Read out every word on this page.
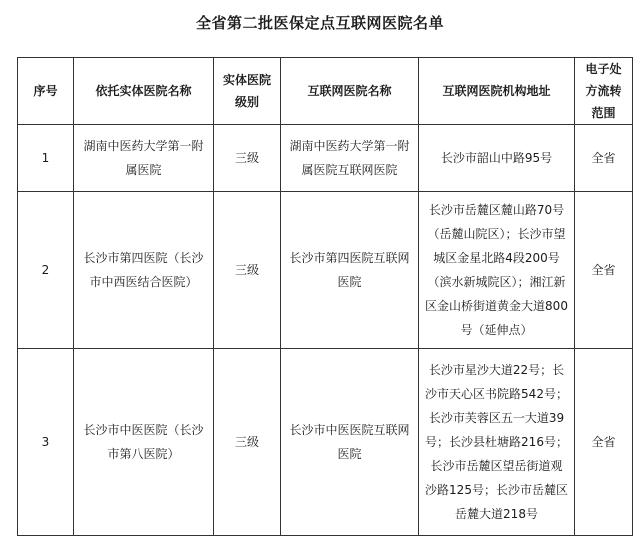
全省第二批医保定点互联网医院名单
序号	依托实体医院名称	实体医院级别	互联网医院名称	互联网医院机构地址	电子处方流转范围
1	湖南中医药大学第一附属医院	三级	湖南中医药大学第一附属医院互联网医院	长沙市韶山中路95号	全省
2	长沙市第四医院（长沙市中西医结合医院）	三级	长沙市第四医院互联网医院	长沙市岳麓区麓山路70号（岳麓山院区）；长沙市望城区金星北路4段200号（滨水新城院区）；湘江新区金山桥街道黄金大道800号（延伸点）	全省
3	长沙市中医医院（长沙市第八医院）	三级	长沙市中医医院互联网医院	长沙市星沙大道22号；长沙市天心区书院路542号；长沙市芙蓉区五一大道39号；长沙县杜塘路216号；长沙市岳麓区望岳街道观沙路125号；长沙市岳麓区岳麓大道218号	全省
